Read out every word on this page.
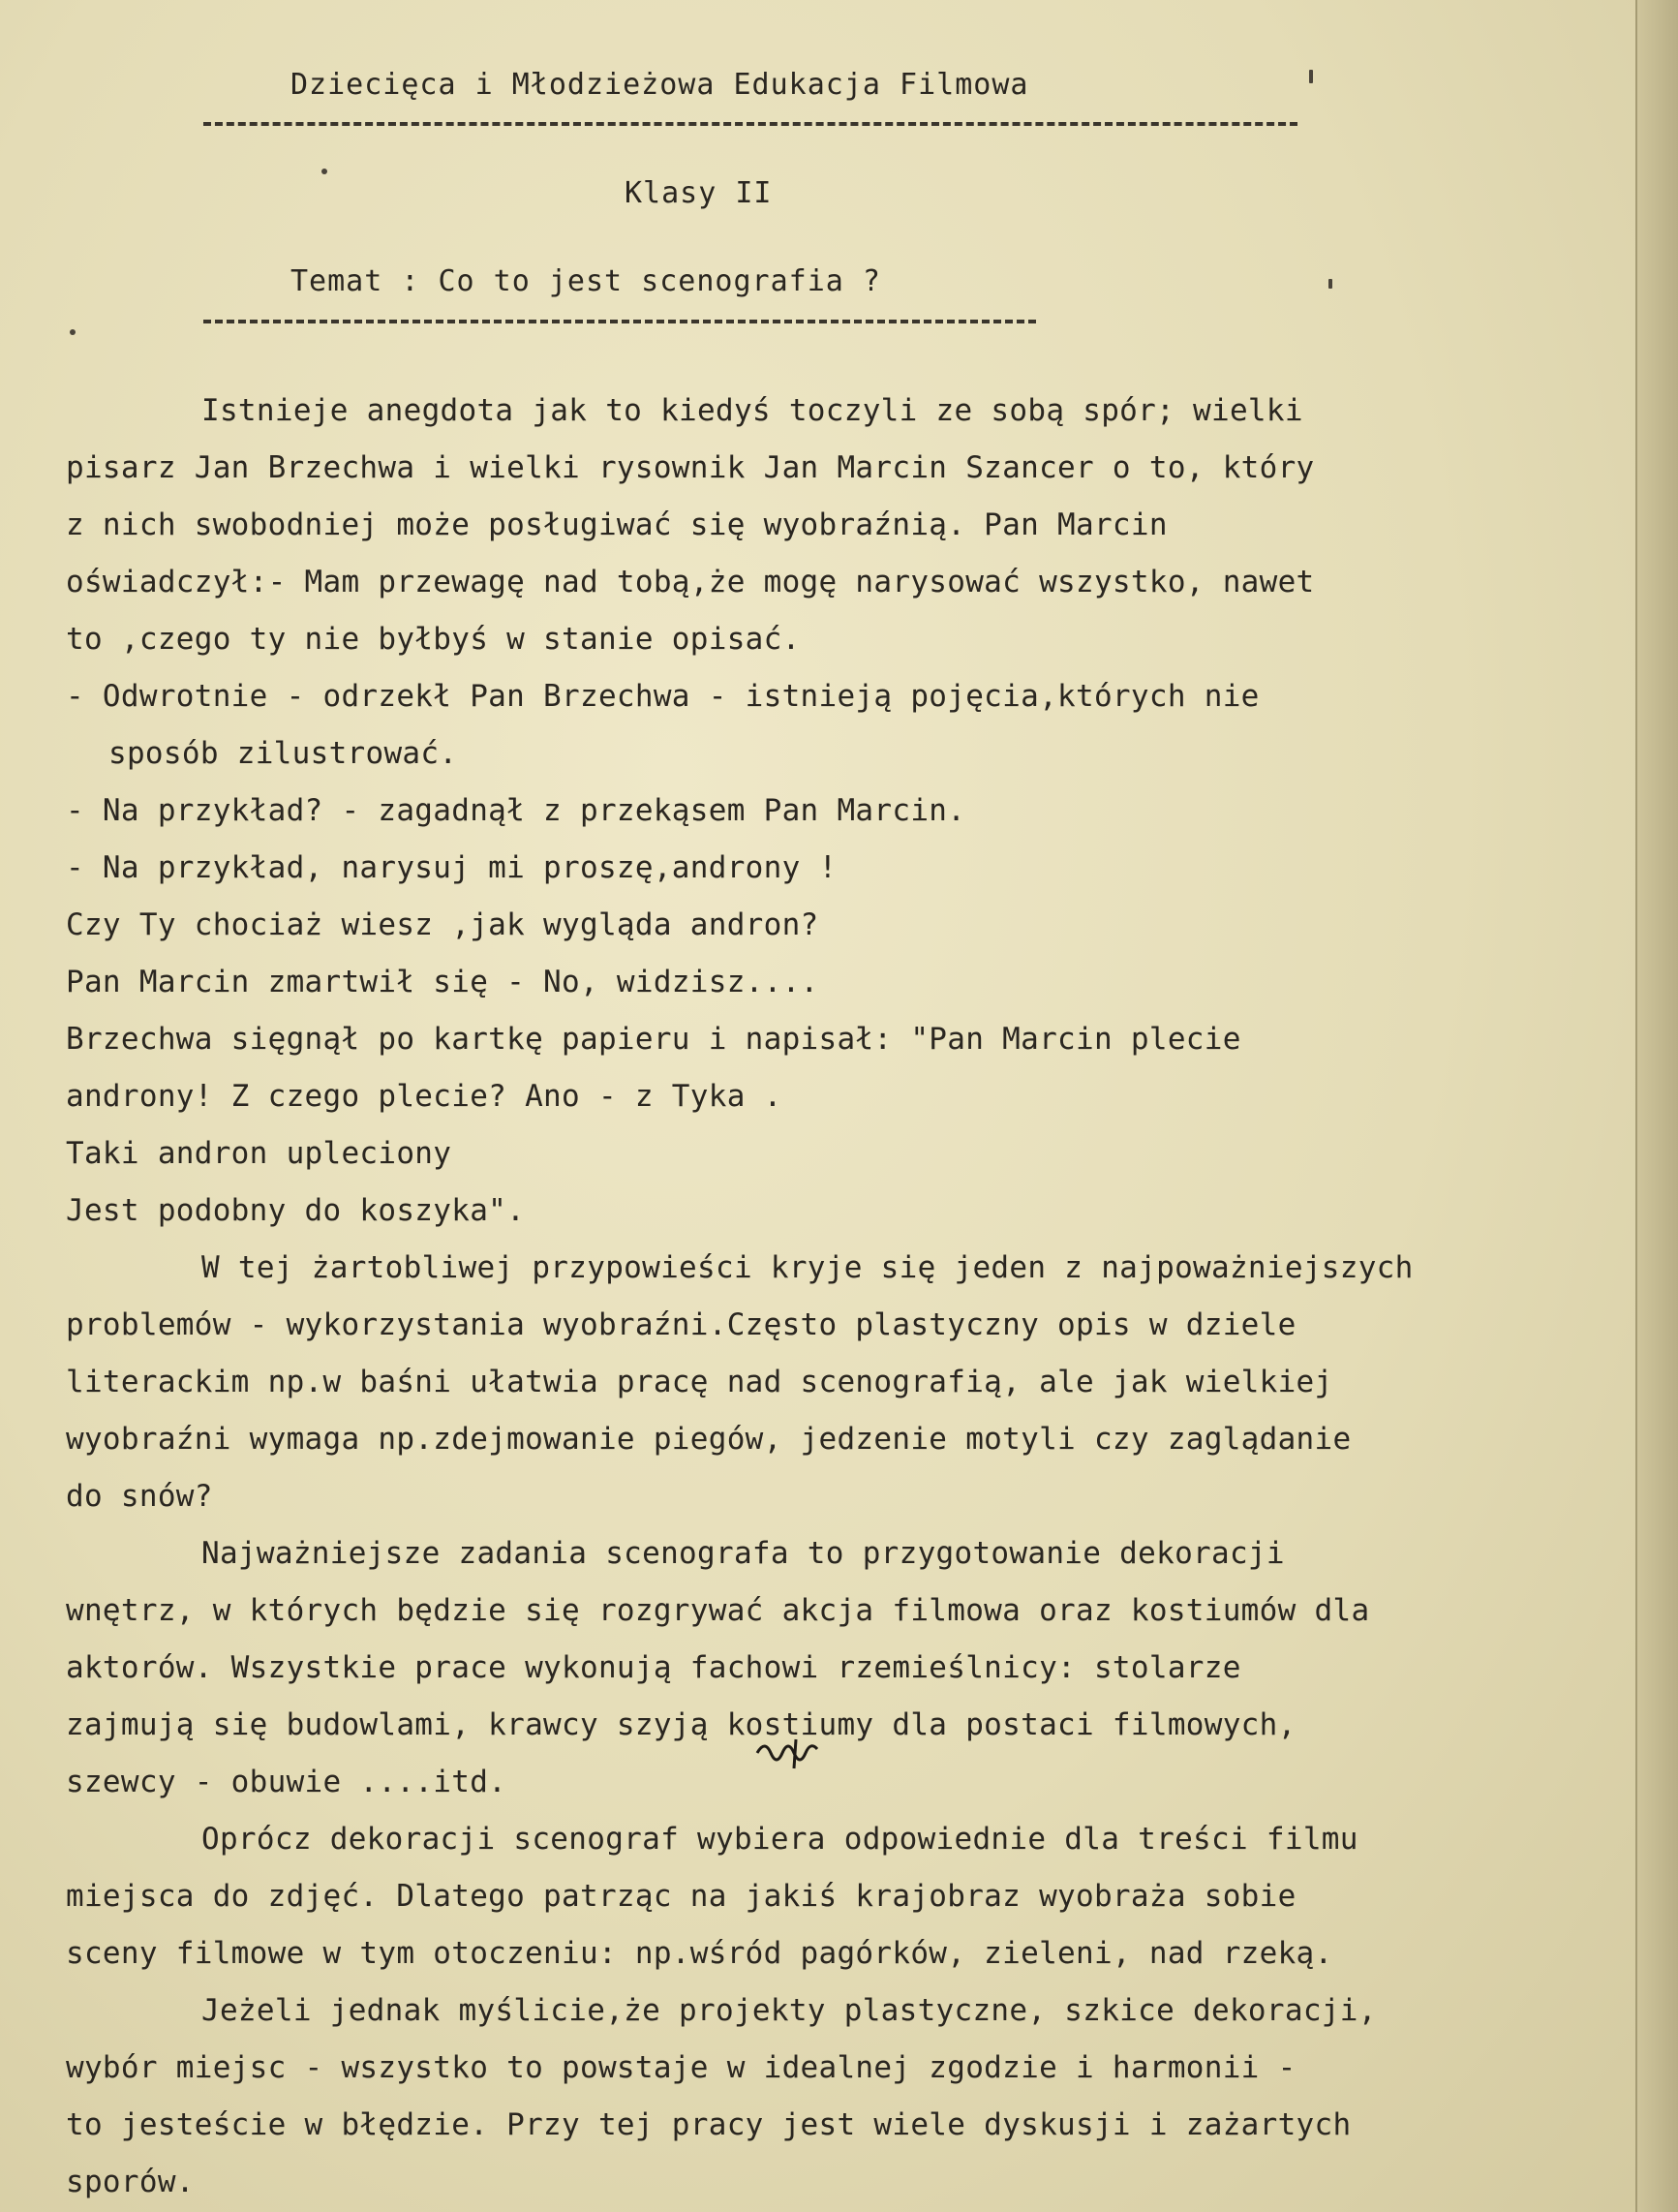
Dziecięca i Młodzieżowa Edukacja Filmowa
Klasy II
Temat : Co to jest scenografia ?
Istnieje anegdota jak to kiedyś toczyli ze sobą spór; wielki
pisarz Jan Brzechwa i wielki rysownik Jan Marcin Szancer o to, który
z nich swobodniej może posługiwać się wyobraźnią. Pan Marcin
oświadczył:- Mam przewagę nad tobą,że mogę narysować wszystko, nawet
to ,czego ty nie byłbyś w stanie opisać.
- Odwrotnie - odrzekł Pan Brzechwa - istnieją pojęcia,których nie
sposób zilustrować.
- Na przykład? - zagadnął z przekąsem Pan Marcin.
- Na przykład, narysuj mi proszę,androny !
Czy Ty chociaż wiesz ,jak wygląda andron?
Pan Marcin zmartwił się - No, widzisz....
Brzechwa sięgnął po kartkę papieru i napisał: "Pan Marcin plecie
androny! Z czego plecie? Ano - z Tyka .
Taki andron upleciony
Jest podobny do koszyka".
W tej żartobliwej przypowieści kryje się jeden z najpoważniejszych
problemów - wykorzystania wyobraźni.Często plastyczny opis w dziele
literackim np.w baśni ułatwia pracę nad scenografią, ale jak wielkiej
wyobraźni wymaga np.zdejmowanie piegów, jedzenie motyli czy zaglądanie
do snów?
Najważniejsze zadania scenografa to przygotowanie dekoracji
wnętrz, w których będzie się rozgrywać akcja filmowa oraz kostiumów dla
aktorów. Wszystkie prace wykonują fachowi rzemieślnicy: stolarze
zajmują się budowlami, krawcy szyją kostiumy dla postaci filmowych,
szewcy - obuwie ....itd.
Oprócz dekoracji scenograf wybiera odpowiednie dla treści filmu
miejsca do zdjęć. Dlatego patrząc na jakiś krajobraz wyobraża sobie
sceny filmowe w tym otoczeniu: np.wśród pagórków, zieleni, nad rzeką.
Jeżeli jednak myślicie,że projekty plastyczne, szkice dekoracji,
wybór miejsc - wszystko to powstaje w idealnej zgodzie i harmonii -
to jesteście w błędzie. Przy tej pracy jest wiele dyskusji i zażartych
sporów.
